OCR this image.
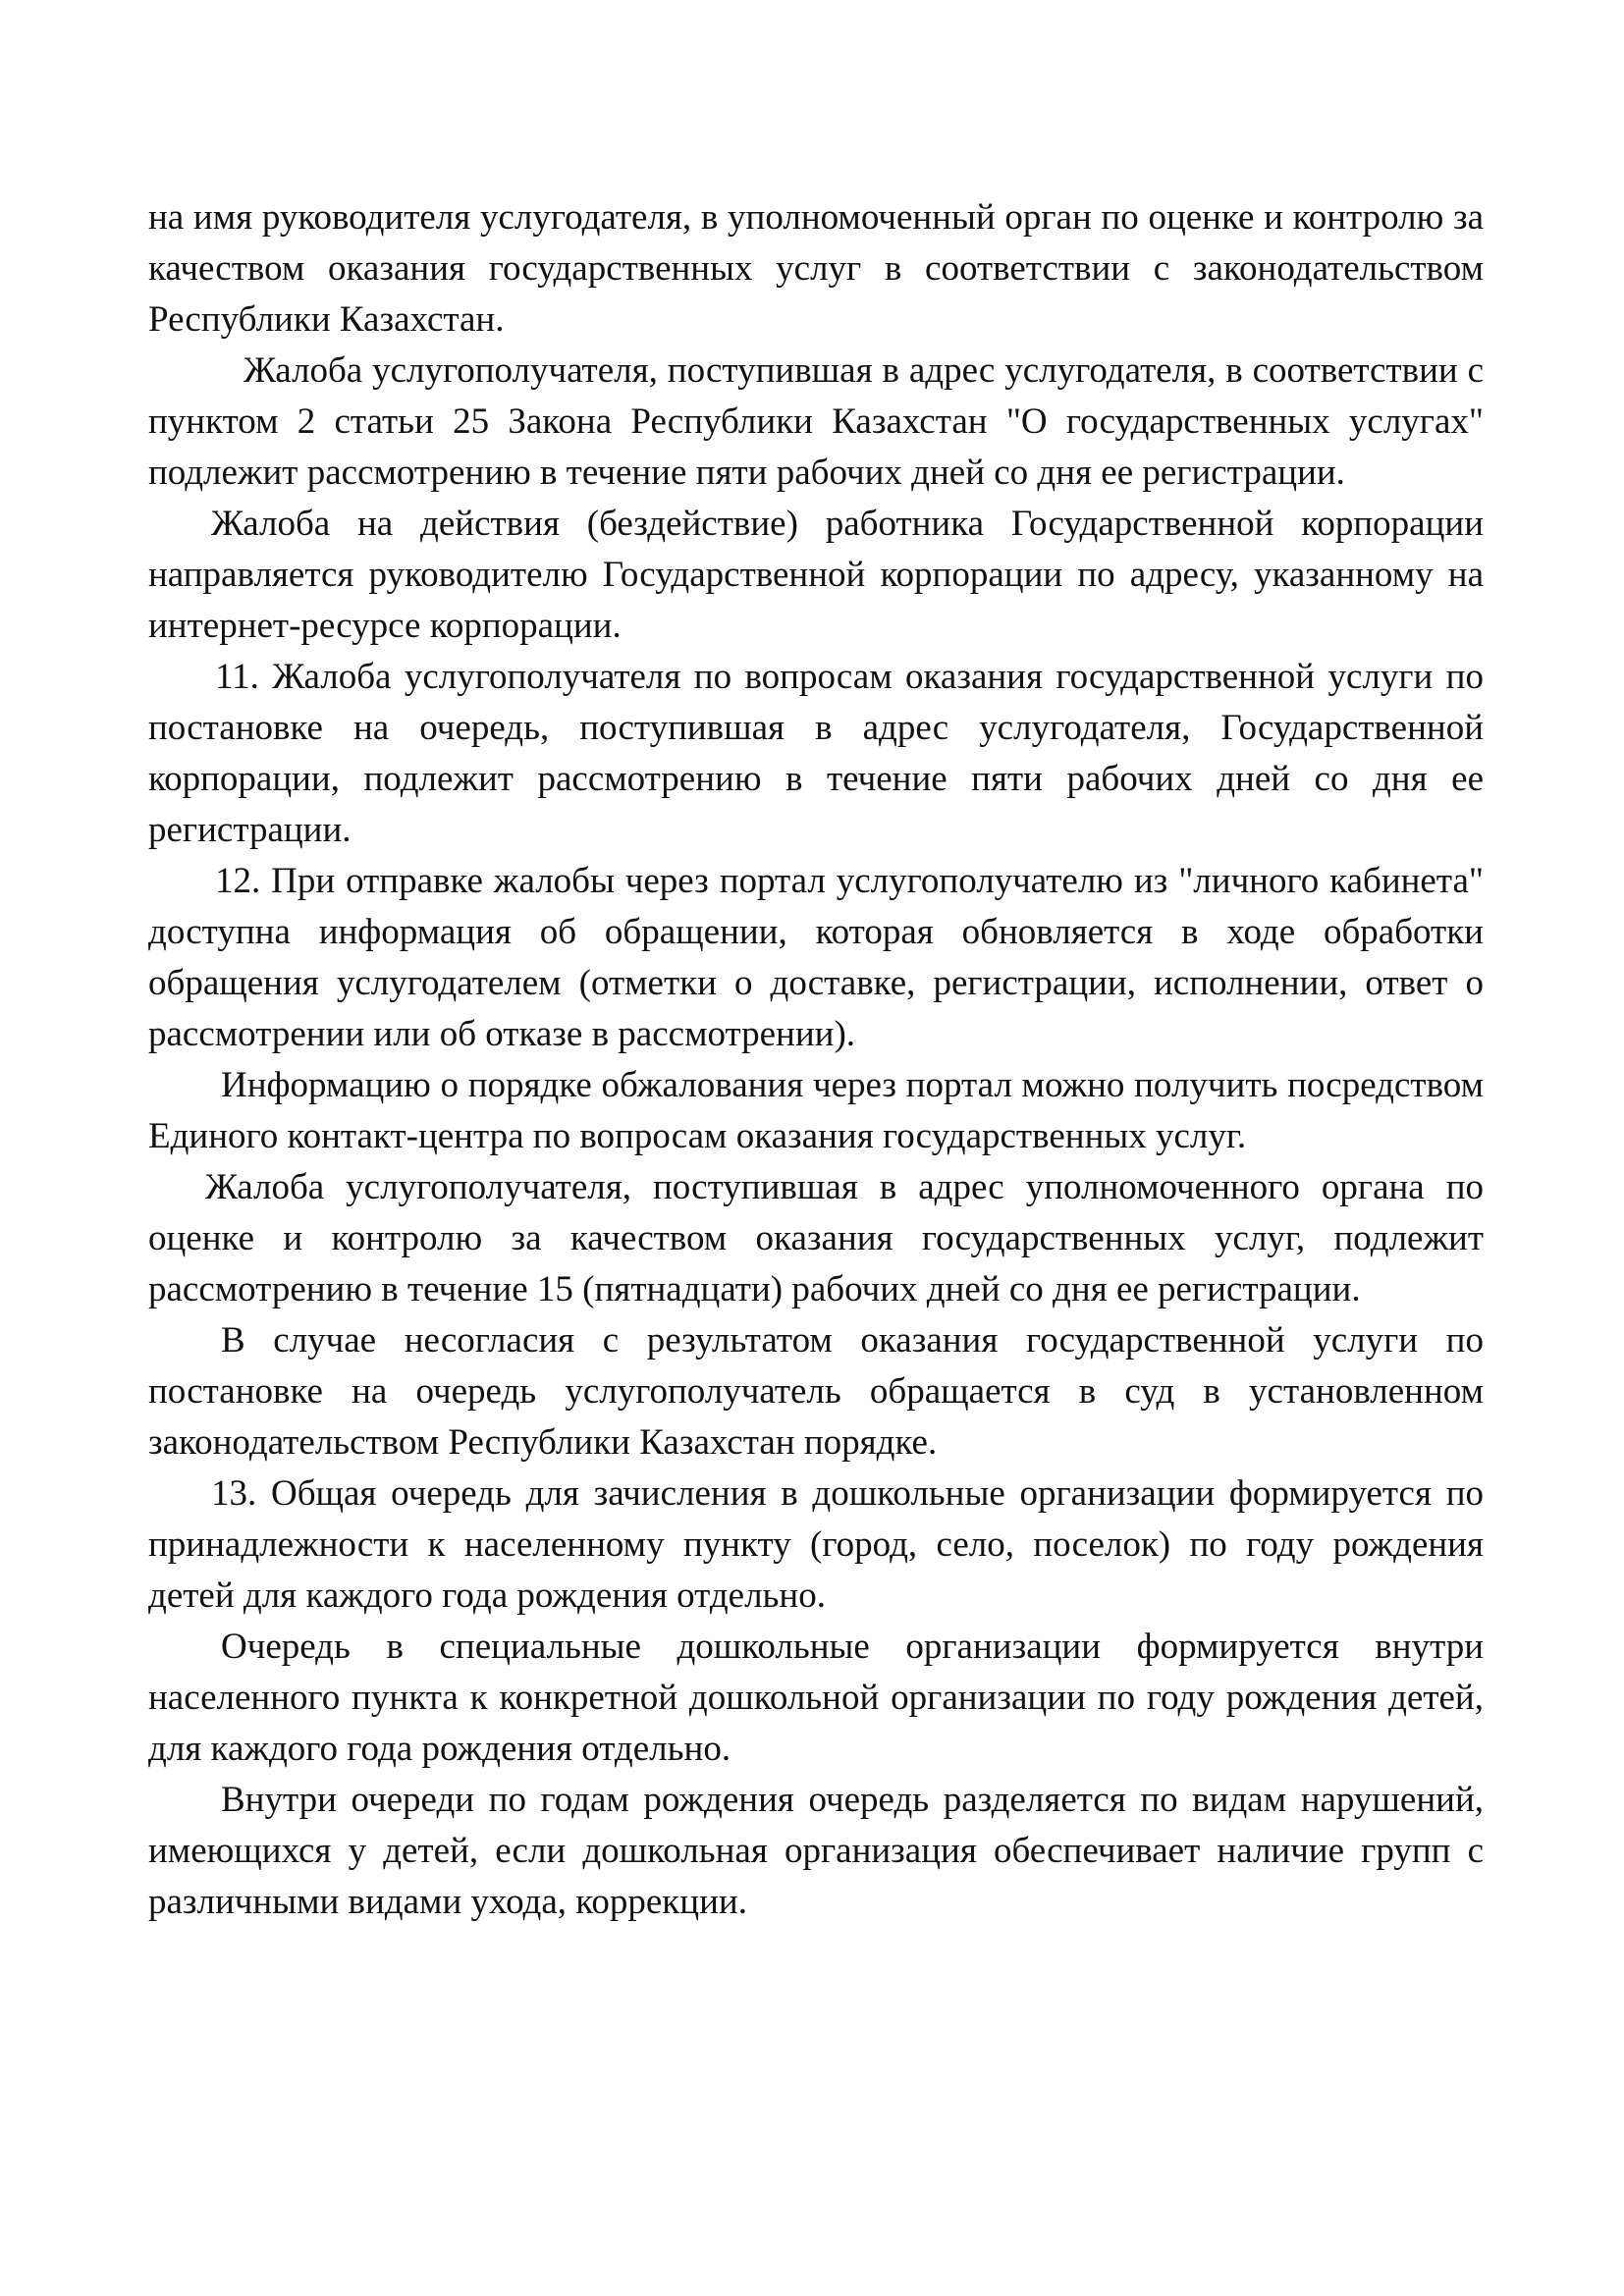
на имя руководителя услугодателя, в уполномоченный орган по оценке и контролю за качеством оказания государственных услуг в соответствии с законодательством Республики Казахстан.

Жалоба услугополучателя, поступившая в адрес услугодателя, в соответствии с пунктом 2 статьи 25 Закона Республики Казахстан "О государственных услугах" подлежит рассмотрению в течение пяти рабочих дней со дня ее регистрации.

Жалоба на действия (бездействие) работника Государственной корпорации направляется руководителю Государственной корпорации по адресу, указанному на интернет-ресурсе корпорации.

11. Жалоба услугополучателя по вопросам оказания государственной услуги по постановке на очередь, поступившая в адрес услугодателя, Государственной корпорации, подлежит рассмотрению в течение пяти рабочих дней со дня ее регистрации.

12. При отправке жалобы через портал услугополучателю из "личного кабинета" доступна информация об обращении, которая обновляется в ходе обработки обращения услугодателем (отметки о доставке, регистрации, исполнении, ответ о рассмотрении или об отказе в рассмотрении).

Информацию о порядке обжалования через портал можно получить посредством Единого контакт-центра по вопросам оказания государственных услуг.

Жалоба услугополучателя, поступившая в адрес уполномоченного органа по оценке и контролю за качеством оказания государственных услуг, подлежит рассмотрению в течение 15 (пятнадцати) рабочих дней со дня ее регистрации.

В случае несогласия с результатом оказания государственной услуги по постановке на очередь услугополучатель обращается в суд в установленном законодательством Республики Казахстан порядке.

13. Общая очередь для зачисления в дошкольные организации формируется по принадлежности к населенному пункту (город, село, поселок) по году рождения детей для каждого года рождения отдельно.

Очередь в специальные дошкольные организации формируется внутри населенного пункта к конкретной дошкольной организации по году рождения детей, для каждого года рождения отдельно.

Внутри очереди по годам рождения очередь разделяется по видам нарушений, имеющихся у детей, если дошкольная организация обеспечивает наличие групп с различными видами ухода, коррекции.
